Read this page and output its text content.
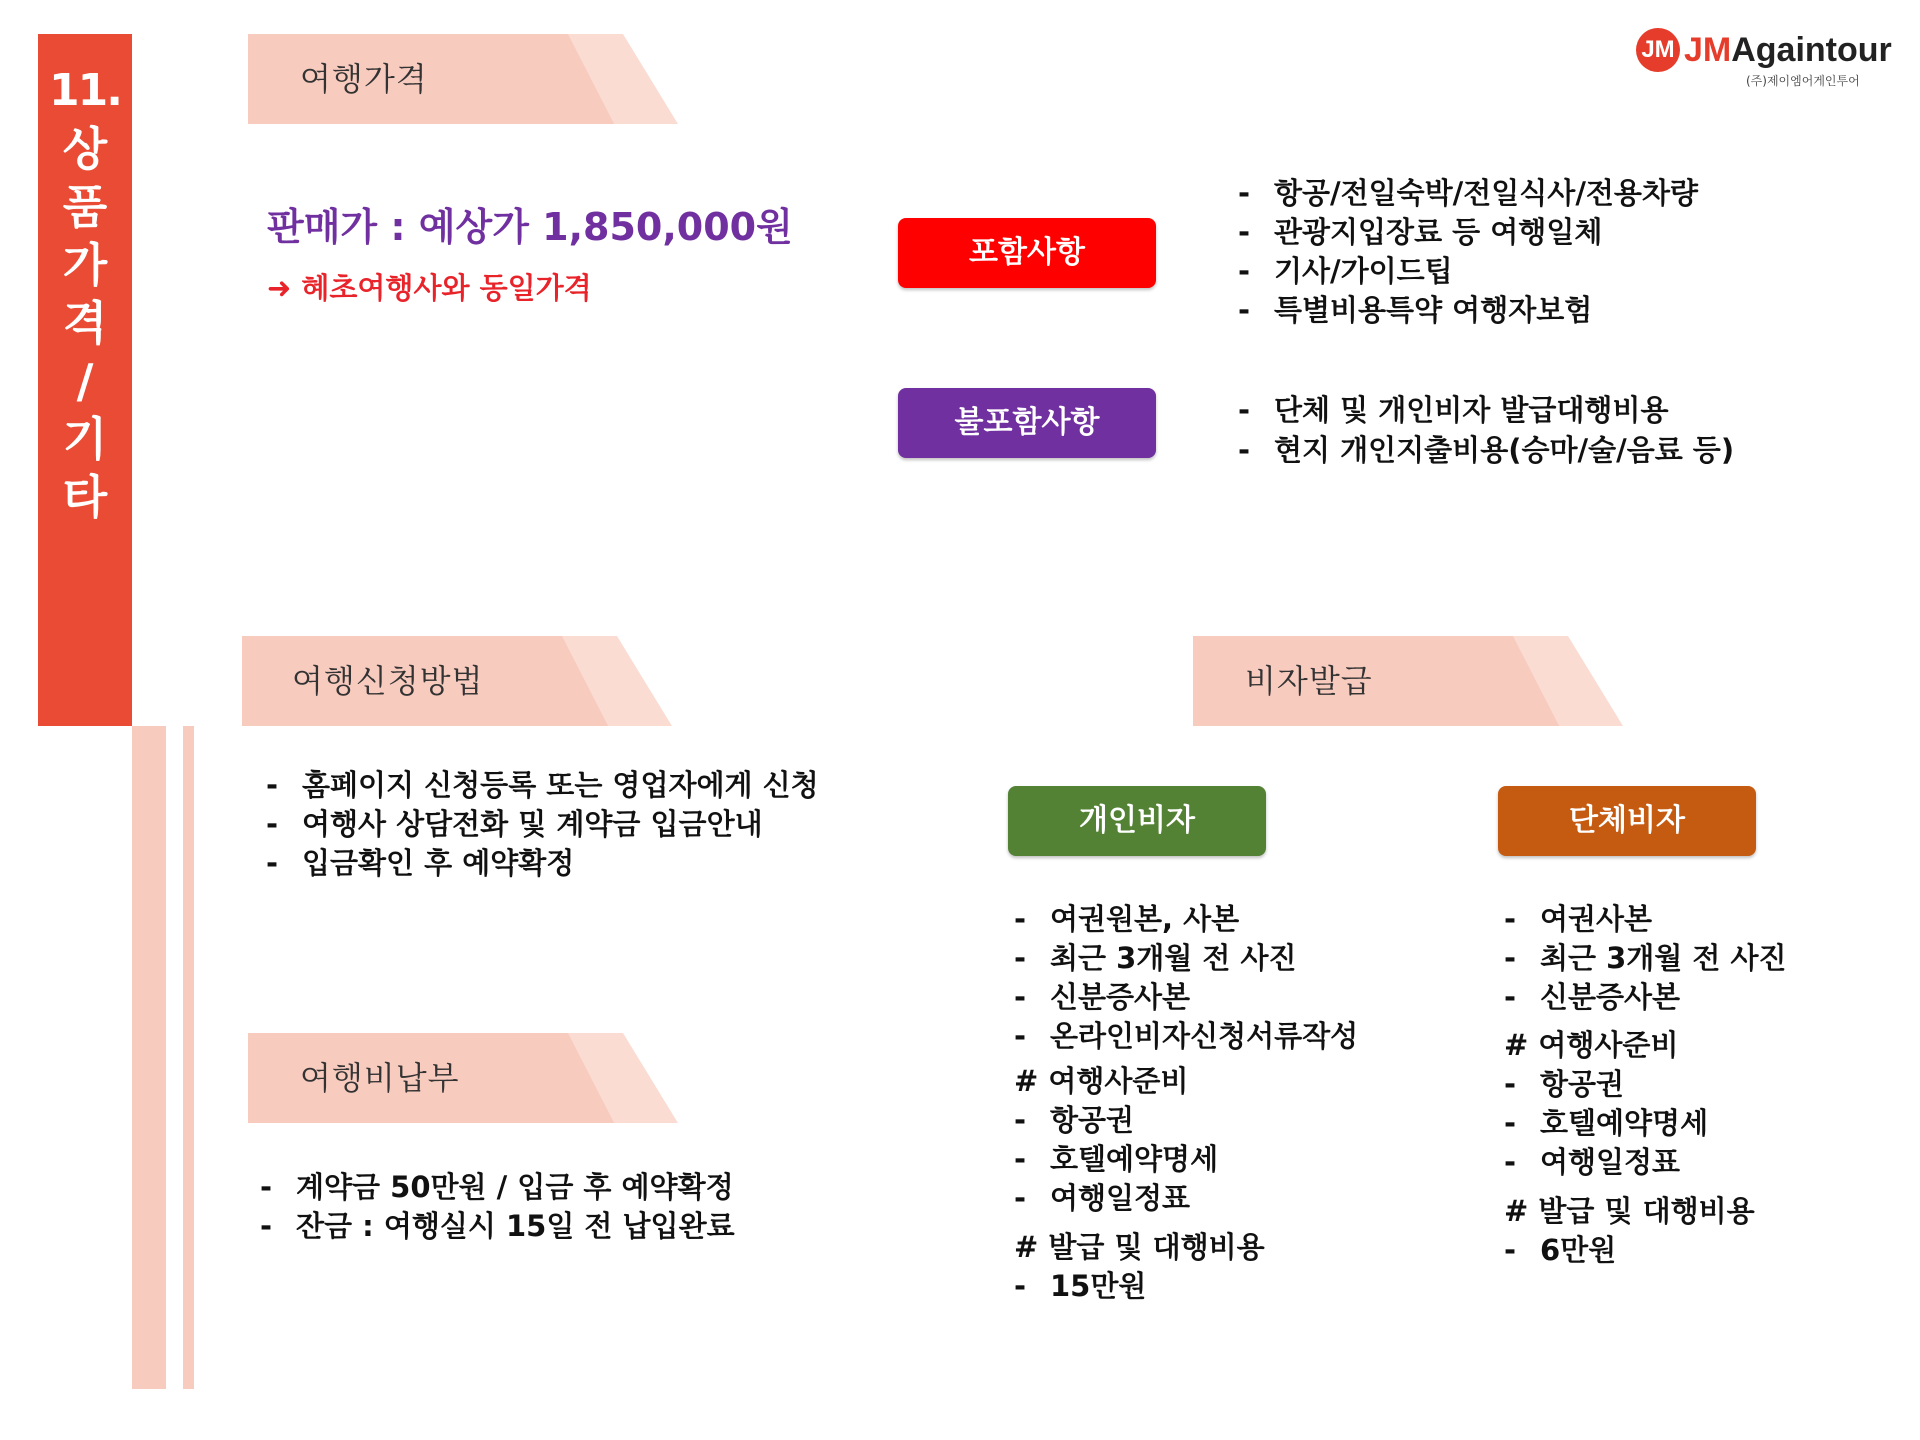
11.
상
품
가
격
/
기
타
JM JMAgaintour
(주)제이엠어게인투어
여행가격
판매가 : 예상가 1,850,000원
➜ 혜초여행사와 동일가격
포함사항
- 항공/전일숙박/전일식사/전용차량
- 관광지입장료 등 여행일체
- 기사/가이드팁
- 특별비용특약 여행자보험
불포함사항	- 단체 및 개인비자 발급대행비용
- 현지 개인지출비용(승마/술/음료 등)
여행신청방법
- 홈페이지 신청등록 또는 영업자에게 신청
- 여행사 상담전화 및 계약금 입금안내
- 입금확인 후 예약확정
여행비납부
- 계약금 50만원 / 입금 후 예약확정
- 잔금 : 여행실시 15일 전 납입완료
비자발급
개인비자
- 여권원본, 사본
- 최근 3개월 전 사진
- 신분증사본
- 온라인비자신청서류작성
# 여행사준비
- 항공권
- 호텔예약명세
- 여행일정표
# 발급 및 대행비용
- 15만원
단체비자
- 여권사본
- 최근 3개월 전 사진
- 신분증사본
# 여행사준비
- 항공권
- 호텔예약명세
- 여행일정표
# 발급 및 대행비용
- 6만원
